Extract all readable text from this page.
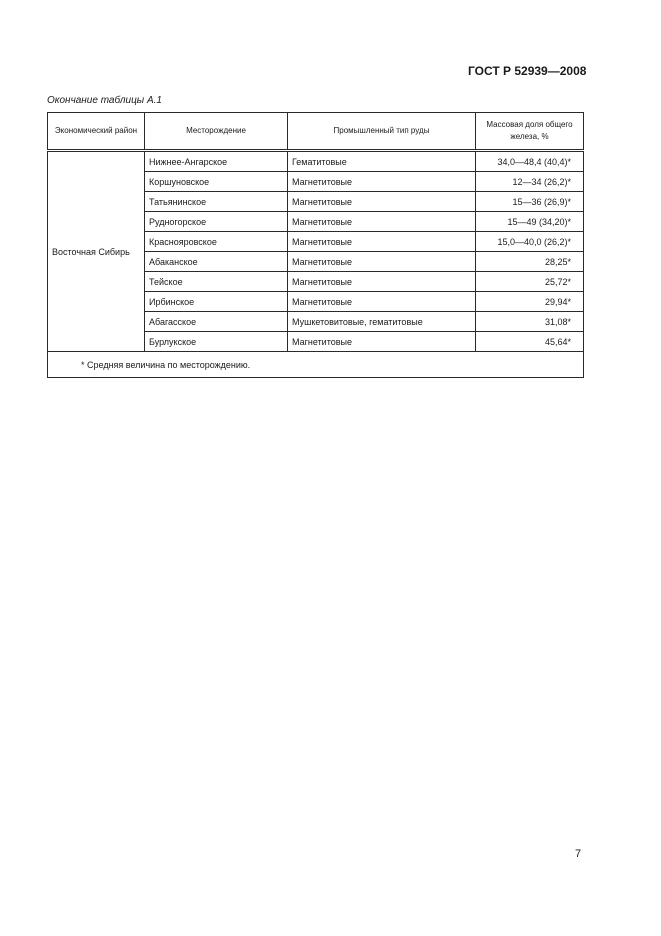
ГОСТ Р 52939—2008
Окончание таблицы А.1
Экономический район	Месторождение	Промышленный тип руды	Массовая доля общего железа, %
Восточная Сибирь	Нижнее-Ангарское	Гематитовые	34,0—48,4 (40,4)*
	Коршуновское	Магнетитовые	12—34 (26,2)*
	Татьянинское	Магнетитовые	15—36 (26,9)*
	Рудногорское	Магнетитовые	15—49 (34,20)*
	Краснояровское	Магнетитовые	15,0—40,0 (26,2)*
	Абаканское	Магнетитовые	28,25*
	Тейское	Магнетитовые	25,72*
	Ирбинское	Магнетитовые	29,94*
	Абагасское	Мушкетовитовые, гематитовые	31,08*
	Бурлукское	Магнетитовые	45,64*
* Средняя величина по месторождению.			
7
